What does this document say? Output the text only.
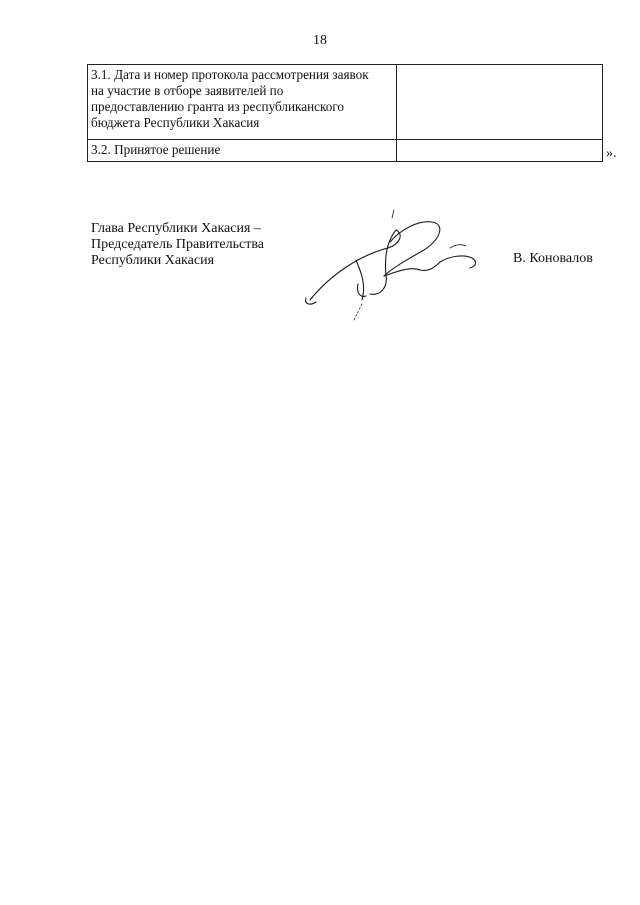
18
3.1. Дата и номер протокола рассмотрения заявок
на участие в отборе заявителей по
предоставлению гранта из республиканского
бюджета Республики Хакасия	

3.2. Принятое решение		».
Глава Республики Хакасия –
Председатель Правительства
Республики Хакасия	В. Коновалов
